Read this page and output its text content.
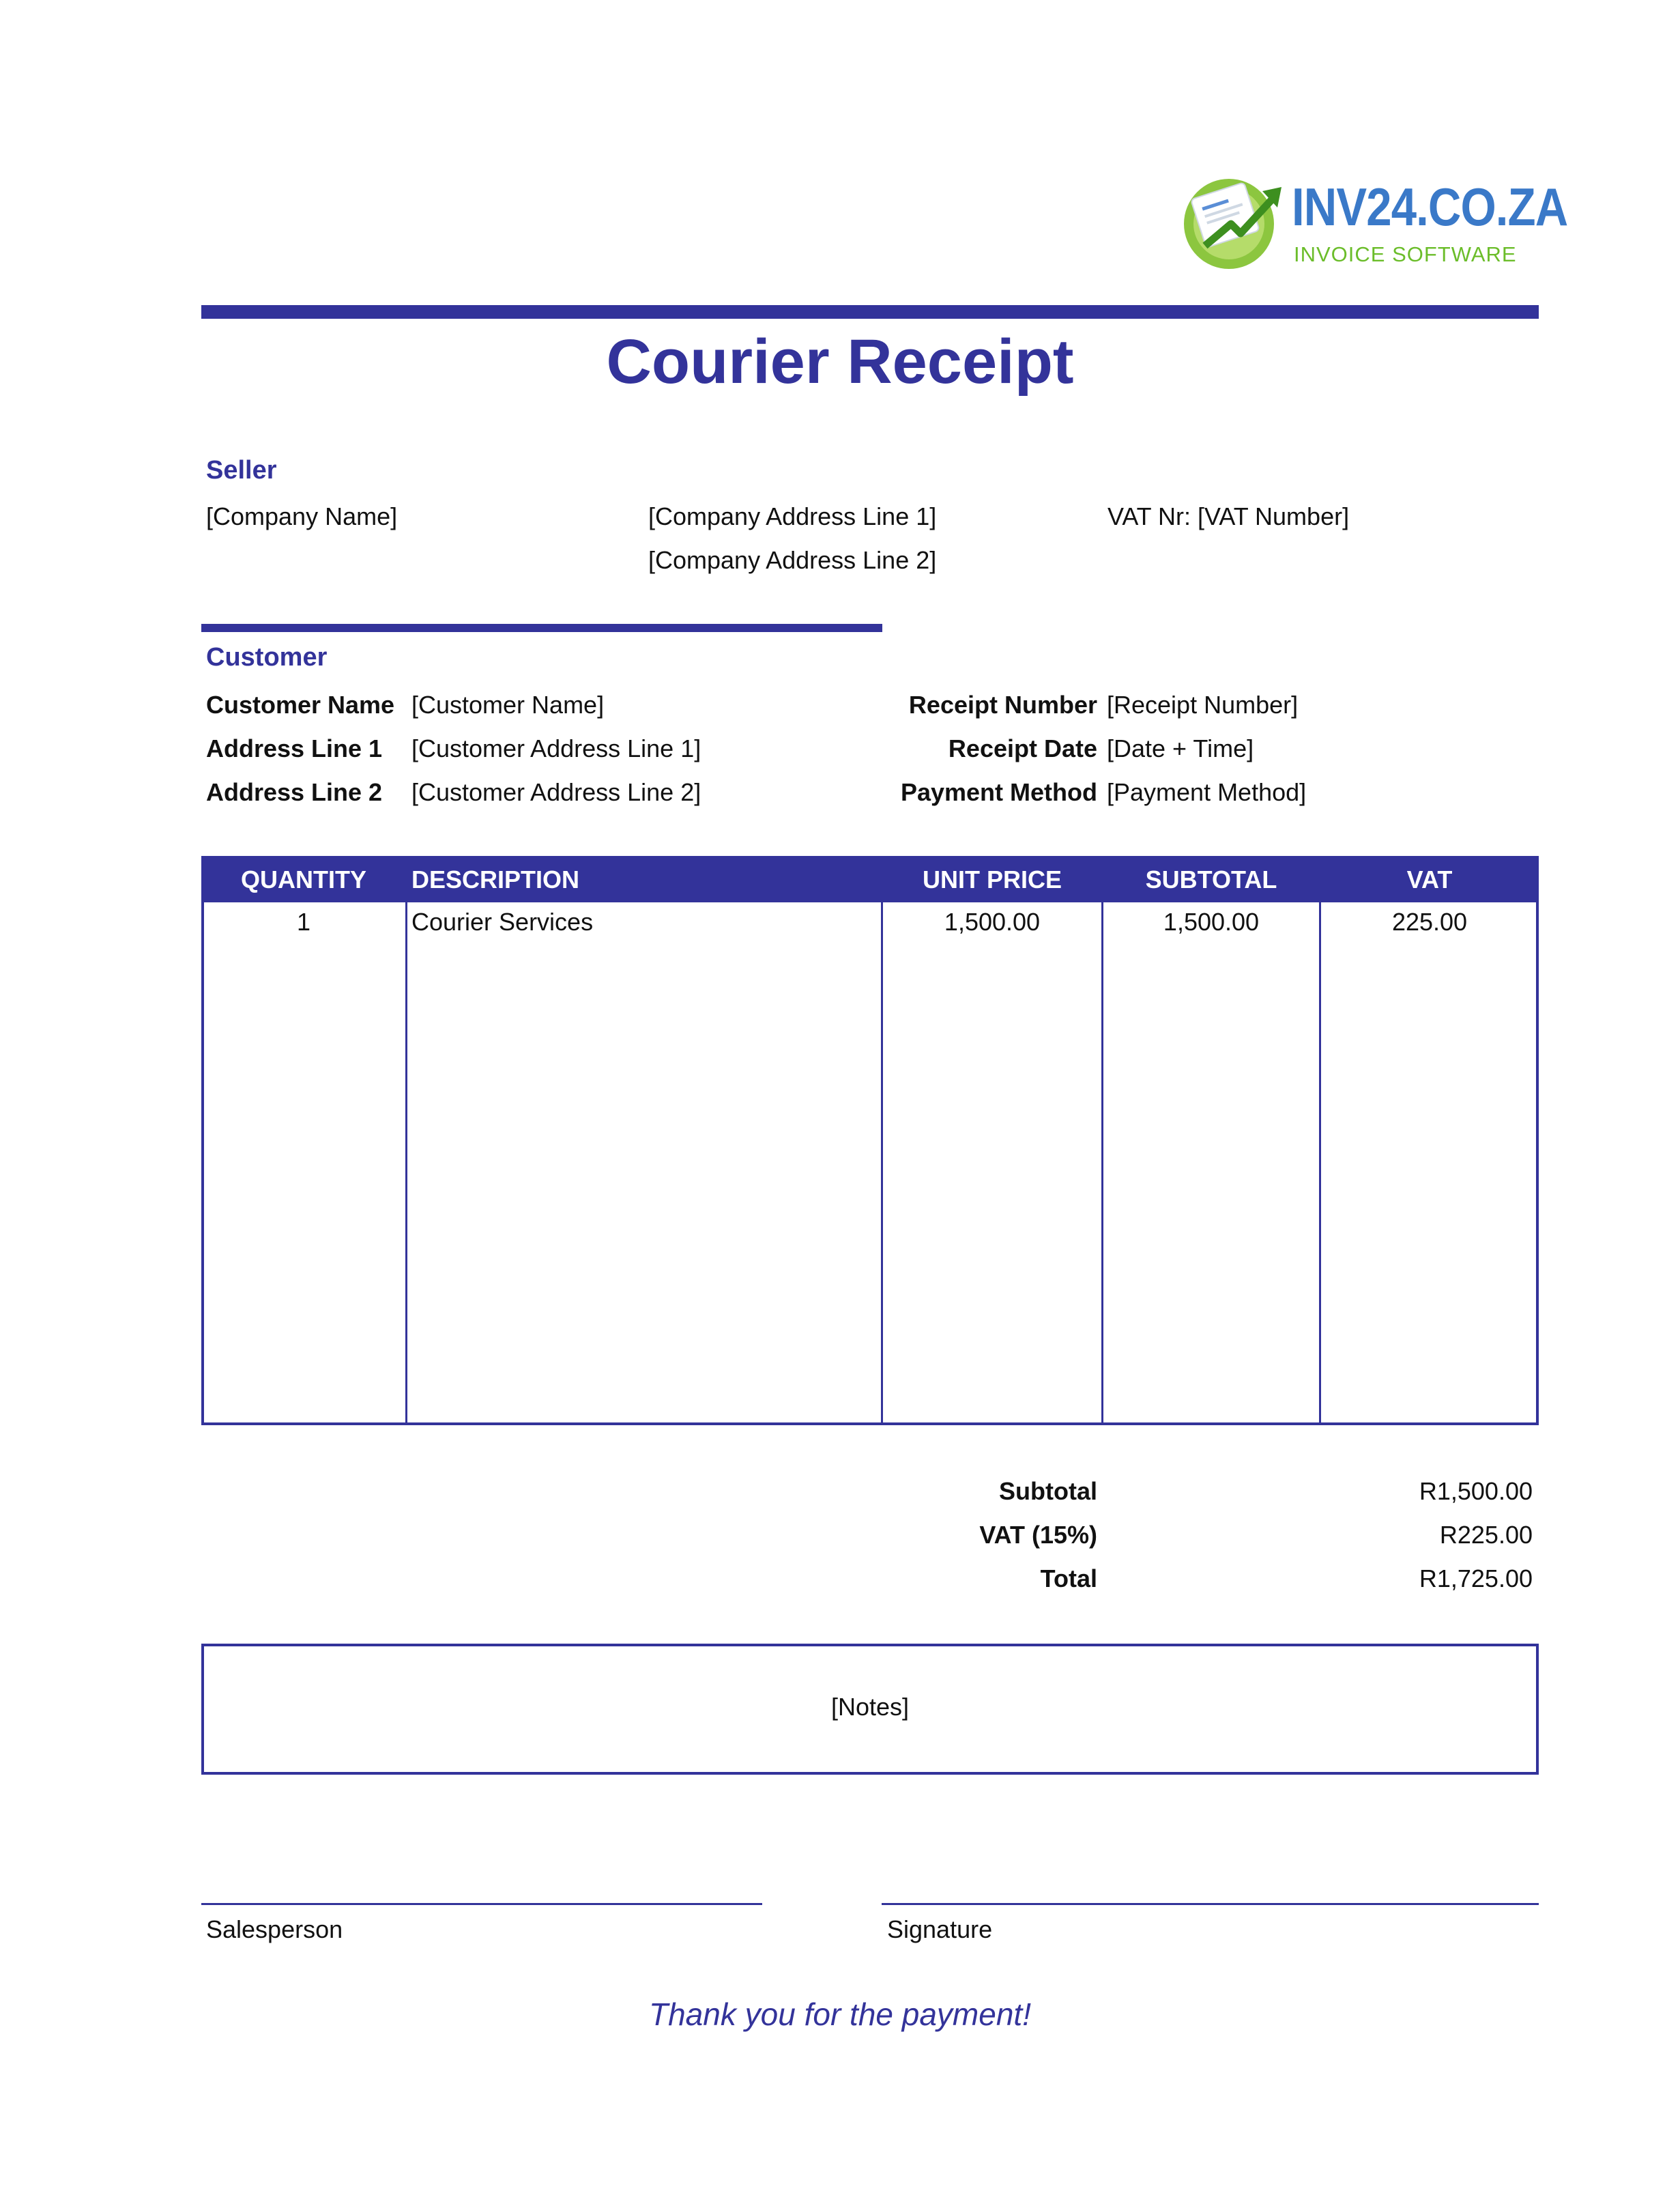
INV24.CO.ZA
INVOICE SOFTWARE
Courier Receipt
Seller
[Company Name]	[Company Address Line 1]
[Company Address Line 2]
VAT Nr: [VAT Number]
Customer
Customer Name [Customer Name]
Address Line 1 [Customer Address Line 1]
Address Line 2 [Customer Address Line 2]
Receipt Number [Receipt Number]
Receipt Date [Date + Time]
Payment Method [Payment Method]
QUANTITY	DESCRIPTION	UNIT PRICE	SUBTOTAL	VAT
1	Courier Services	1,500.00	1,500.00	225.00
Subtotal	R1,500.00
VAT (15%)	R225.00
Total	R1,725.00
[Notes]
Salesperson	Signature
Thank you for the payment!
